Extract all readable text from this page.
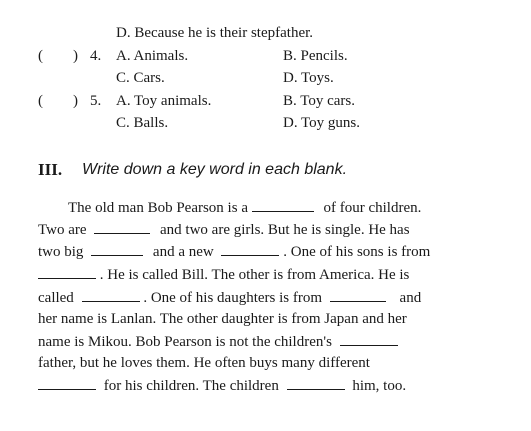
D. Because he is their stepfather.
(　　) 4. A. Animals.	B. Pencils.
C. Cars.	D. Toys.
(　　) 5. A. Toy animals.	B. Toy cars.
C. Balls.	D. Toy guns.
III. Write down a key word in each blank.
The old man Bob Pearson is a	of four children.
Two are	and two are girls. But he is single. He has
two big	and a new	. One of his sons is from
. He is called Bill. The other is from America. He is
called	. One of his daughters is from	and
her name is Lanlan. The other daughter is from Japan and her
name is Mikou. Bob Pearson is not the children's
father, but he loves them. He often buys many different
for his children. The children	him, too.
